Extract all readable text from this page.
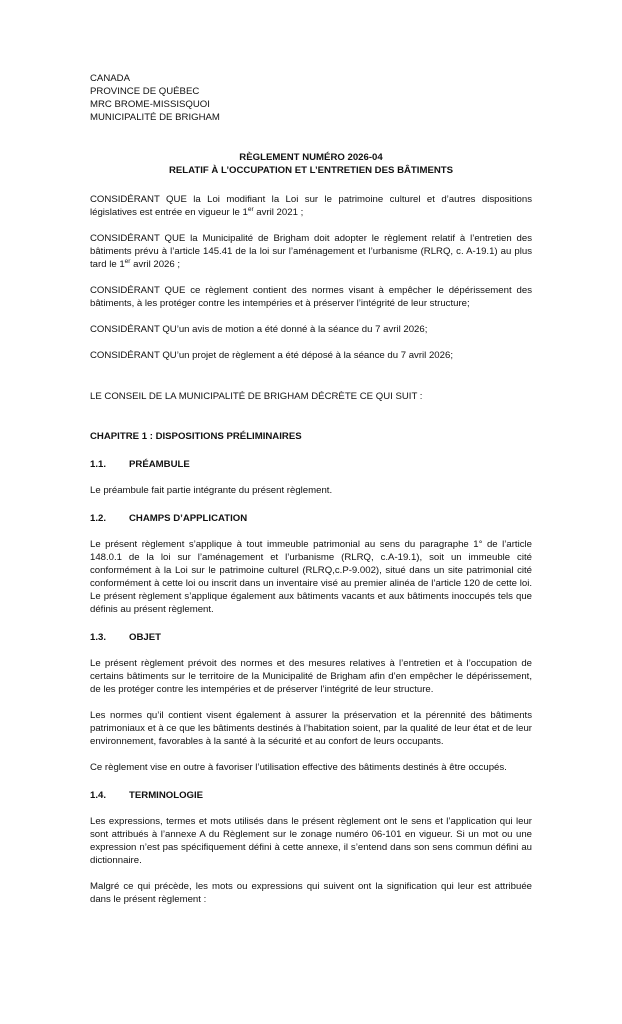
CANADA
PROVINCE DE QUÉBEC
MRC BROME-MISSISQUOI
MUNICIPALITÉ DE BRIGHAM
RÈGLEMENT NUMÉRO 2026-04
RELATIF À L’OCCUPATION ET L’ENTRETIEN DES BÂTIMENTS

CONSIDÉRANT QUE la Loi modifiant la Loi sur le patrimoine culturel et d’autres dispositions législatives est entrée en vigueur le 1er avril 2021 ;

CONSIDÉRANT QUE la Municipalité de Brigham doit adopter le règlement relatif à l’entretien des bâtiments prévu à l’article 145.41 de la loi sur l’aménagement et l’urbanisme (RLRQ, c. A-19.1) au plus tard le 1er avril 2026 ;

CONSIDÉRANT QUE ce règlement contient des normes visant à empêcher le dépérissement des bâtiments, à les protéger contre les intempéries et à préserver l’intégrité de leur structure;

CONSIDÉRANT QU’un avis de motion a été donné à la séance du 7 avril 2026;

CONSIDÉRANT QU’un projet de règlement a été déposé à la séance du 7 avril 2026;

LE CONSEIL DE LA MUNICIPALITÉ DE BRIGHAM DÉCRÈTE CE QUI SUIT :

CHAPITRE 1 : DISPOSITIONS PRÉLIMINAIRES
1.1. PRÉAMBULE

Le préambule fait partie intégrante du présent règlement.

1.2. CHAMPS D’APPLICATION

Le présent règlement s’applique à tout immeuble patrimonial au sens du paragraphe 1° de l’article 148.0.1 de la loi sur l’aménagement et l’urbanisme (RLRQ, c.A-19.1), soit un immeuble cité conformément à la Loi sur le patrimoine culturel (RLRQ,c.P-9.002), situé dans un site patrimonial cité conformément à cette loi ou inscrit dans un inventaire visé au premier alinéa de l’article 120 de cette loi. Le présent règlement s’applique également aux bâtiments vacants et aux bâtiments inoccupés tels que définis au présent règlement.

1.3. OBJET

Le présent règlement prévoit des normes et des mesures relatives à l’entretien et à l’occupation de certains bâtiments sur le territoire de la Municipalité de Brigham afin d’en empêcher le dépérissement, de les protéger contre les intempéries et de préserver l’intégrité de leur structure.

Les normes qu’il contient visent également à assurer la préservation et la pérennité des bâtiments patrimoniaux et à ce que les bâtiments destinés à l’habitation soient, par la qualité de leur état et de leur environnement, favorables à la santé à la sécurité et au confort de leurs occupants.

Ce règlement vise en outre à favoriser l’utilisation effective des bâtiments destinés à être occupés.

1.4. TERMINOLOGIE

Les expressions, termes et mots utilisés dans le présent règlement ont le sens et l’application qui leur sont attribués à l’annexe A du Règlement sur le zonage numéro 06-101 en vigueur. Si un mot ou une expression n’est pas spécifiquement défini à cette annexe, il s’entend dans son sens commun défini au dictionnaire.

Malgré ce qui précède, les mots ou expressions qui suivent ont la signification qui leur est attribuée dans le présent règlement :
